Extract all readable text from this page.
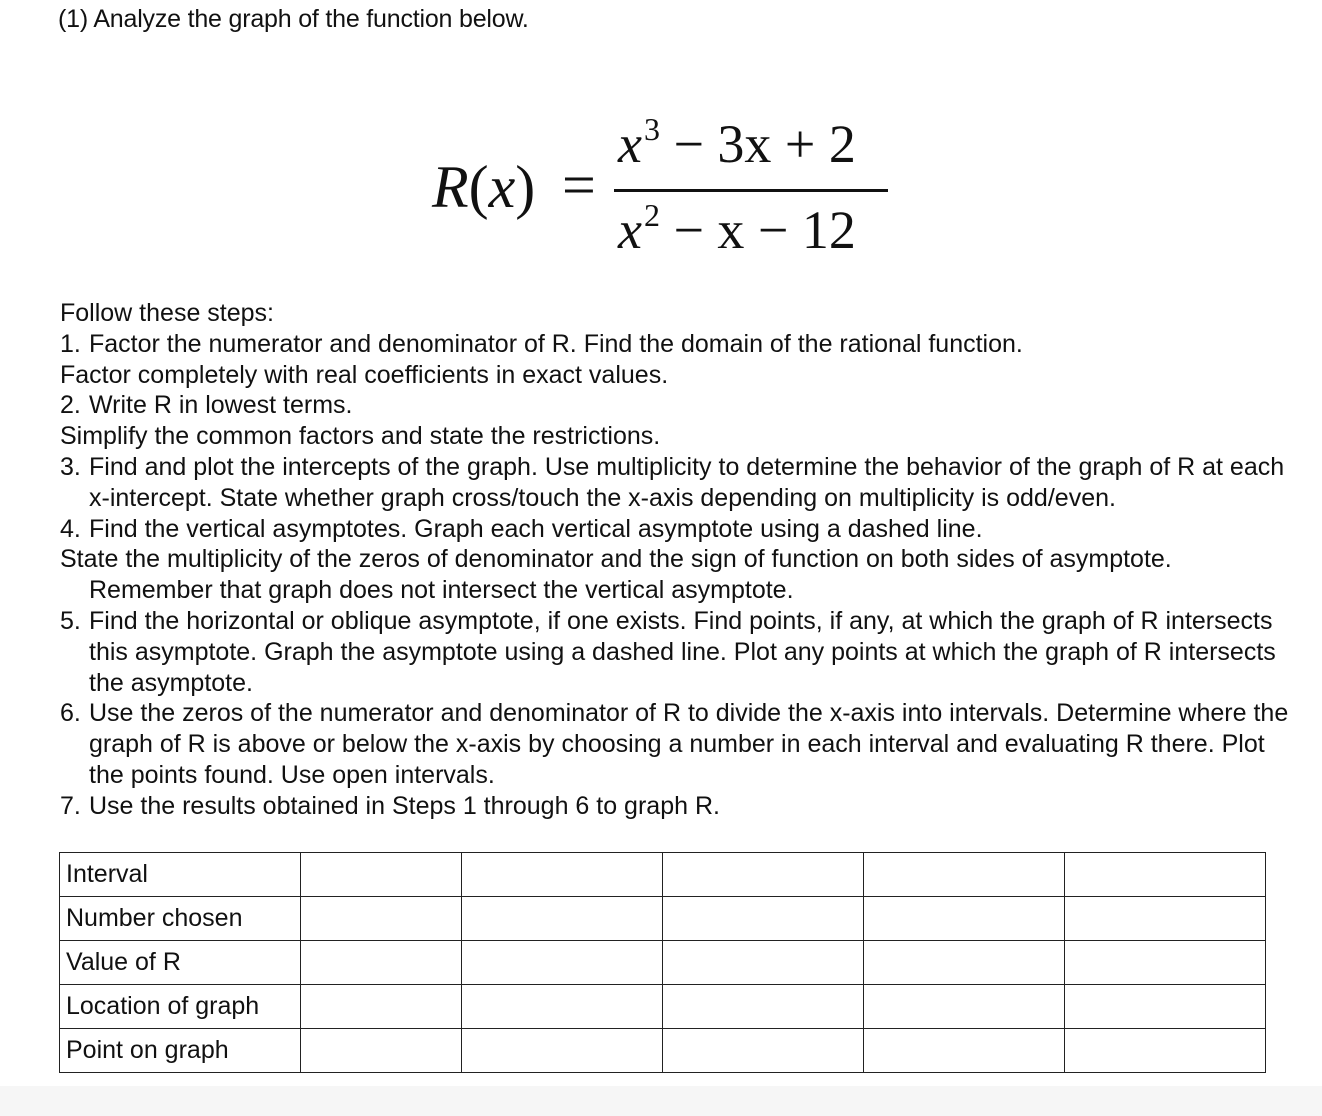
(1) Analyze the graph of the function below.
R(x) =
$x^3 - 3x + 2$
$x^2 - x - 12$
Follow these steps:
1. Factor the numerator and denominator of R. Find the domain of the rational function.
Factor completely with real coefficients in exact values.
2. Write R in lowest terms.
Simplify the common factors and state the restrictions.
3. Find and plot the intercepts of the graph. Use multiplicity to determine the behavior of the graph of R at each x-intercept. State whether graph cross/touch the x-axis depending on multiplicity is odd/even.
4. Find the vertical asymptotes. Graph each vertical asymptote using a dashed line.
State the multiplicity of the zeros of denominator and the sign of function on both sides of asymptote. Remember that graph does not intersect the vertical asymptote.
5. Find the horizontal or oblique asymptote, if one exists. Find points, if any, at which the graph of R intersects this asymptote. Graph the asymptote using a dashed line. Plot any points at which the graph of R intersects the asymptote.
6. Use the zeros of the numerator and denominator of R to divide the x-axis into intervals. Determine where the graph of R is above or below the x-axis by choosing a number in each interval and evaluating R there. Plot the points found. Use open intervals.
7. Use the results obtained in Steps 1 through 6 to graph R.
Interval					
Number chosen					
Value of R					
Location of graph					
Point on graph					
